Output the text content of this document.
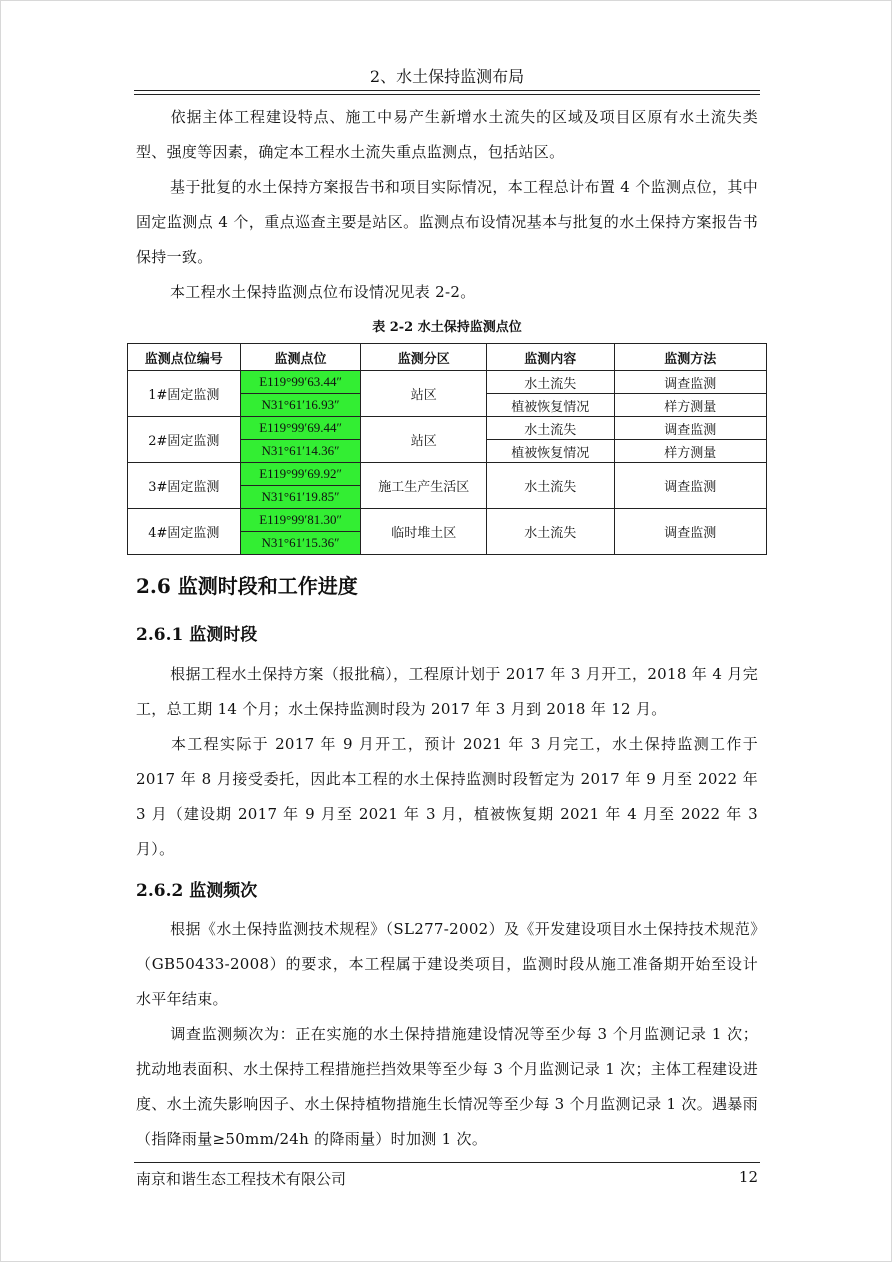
2、水土保持监测布局

依据主体工程建设特点、施工中易产生新增水土流失的区域及项目区原有水土流失类型、强度等因素，确定本工程水土流失重点监测点，包括站区。

基于批复的水土保持方案报告书和项目实际情况，本工程总计布置 4 个监测点位，其中固定监测点 4 个，重点巡查主要是站区。监测点布设情况基本与批复的水土保持方案报告书保持一致。

本工程水土保持监测点位布设情况见表 2-2。

表 2-2 水土保持监测点位
监测点位编号	监测点位	监测分区	监测内容	监测方法
1#固定监测	E119°99′63.44″	站区	水土流失	调查监测
	N31°61′16.93″		植被恢复情况	样方测量
2#固定监测	E119°99′69.44″	站区	水土流失	调查监测
	N31°61′14.36″		植被恢复情况	样方测量
3#固定监测	E119°99′69.92″	施工生产生活区	水土流失	调查监测
	N31°61′19.85″			
4#固定监测	E119°99′81.30″	临时堆土区	水土流失	调查监测
	N31°61′15.36″			
2.6 监测时段和工作进度
2.6.1 监测时段

根据工程水土保持方案（报批稿），工程原计划于 2017 年 3 月开工，2018 年 4 月完工，总工期 14 个月；水土保持监测时段为 2017 年 3 月到 2018 年 12 月。

本工程实际于 2017 年 9 月开工，预计 2021 年 3 月完工，水土保持监测工作于 2017 年 8 月接受委托，因此本工程的水土保持监测时段暂定为 2017 年 9 月至 2022 年 3 月（建设期 2017 年 9 月至 2021 年 3 月，植被恢复期 2021 年 4 月至 2022 年 3 月）。

2.6.2 监测频次

根据《水土保持监测技术规程》（SL277-2002）及《开发建设项目水土保持技术规范》（GB50433-2008）的要求，本工程属于建设类项目，监测时段从施工准备期开始至设计水平年结束。

调查监测频次为：正在实施的水土保持措施建设情况等至少每 3 个月监测记录 1 次；扰动地表面积、水土保持工程措施拦挡效果等至少每 3 个月监测记录 1 次；主体工程建设进度、水土流失影响因子、水土保持植物措施生长情况等至少每 3 个月监测记录 1 次。遇暴雨（指降雨量≥50mm/24h 的降雨量）时加测 1 次。

南京和谐生态工程技术有限公司	12
